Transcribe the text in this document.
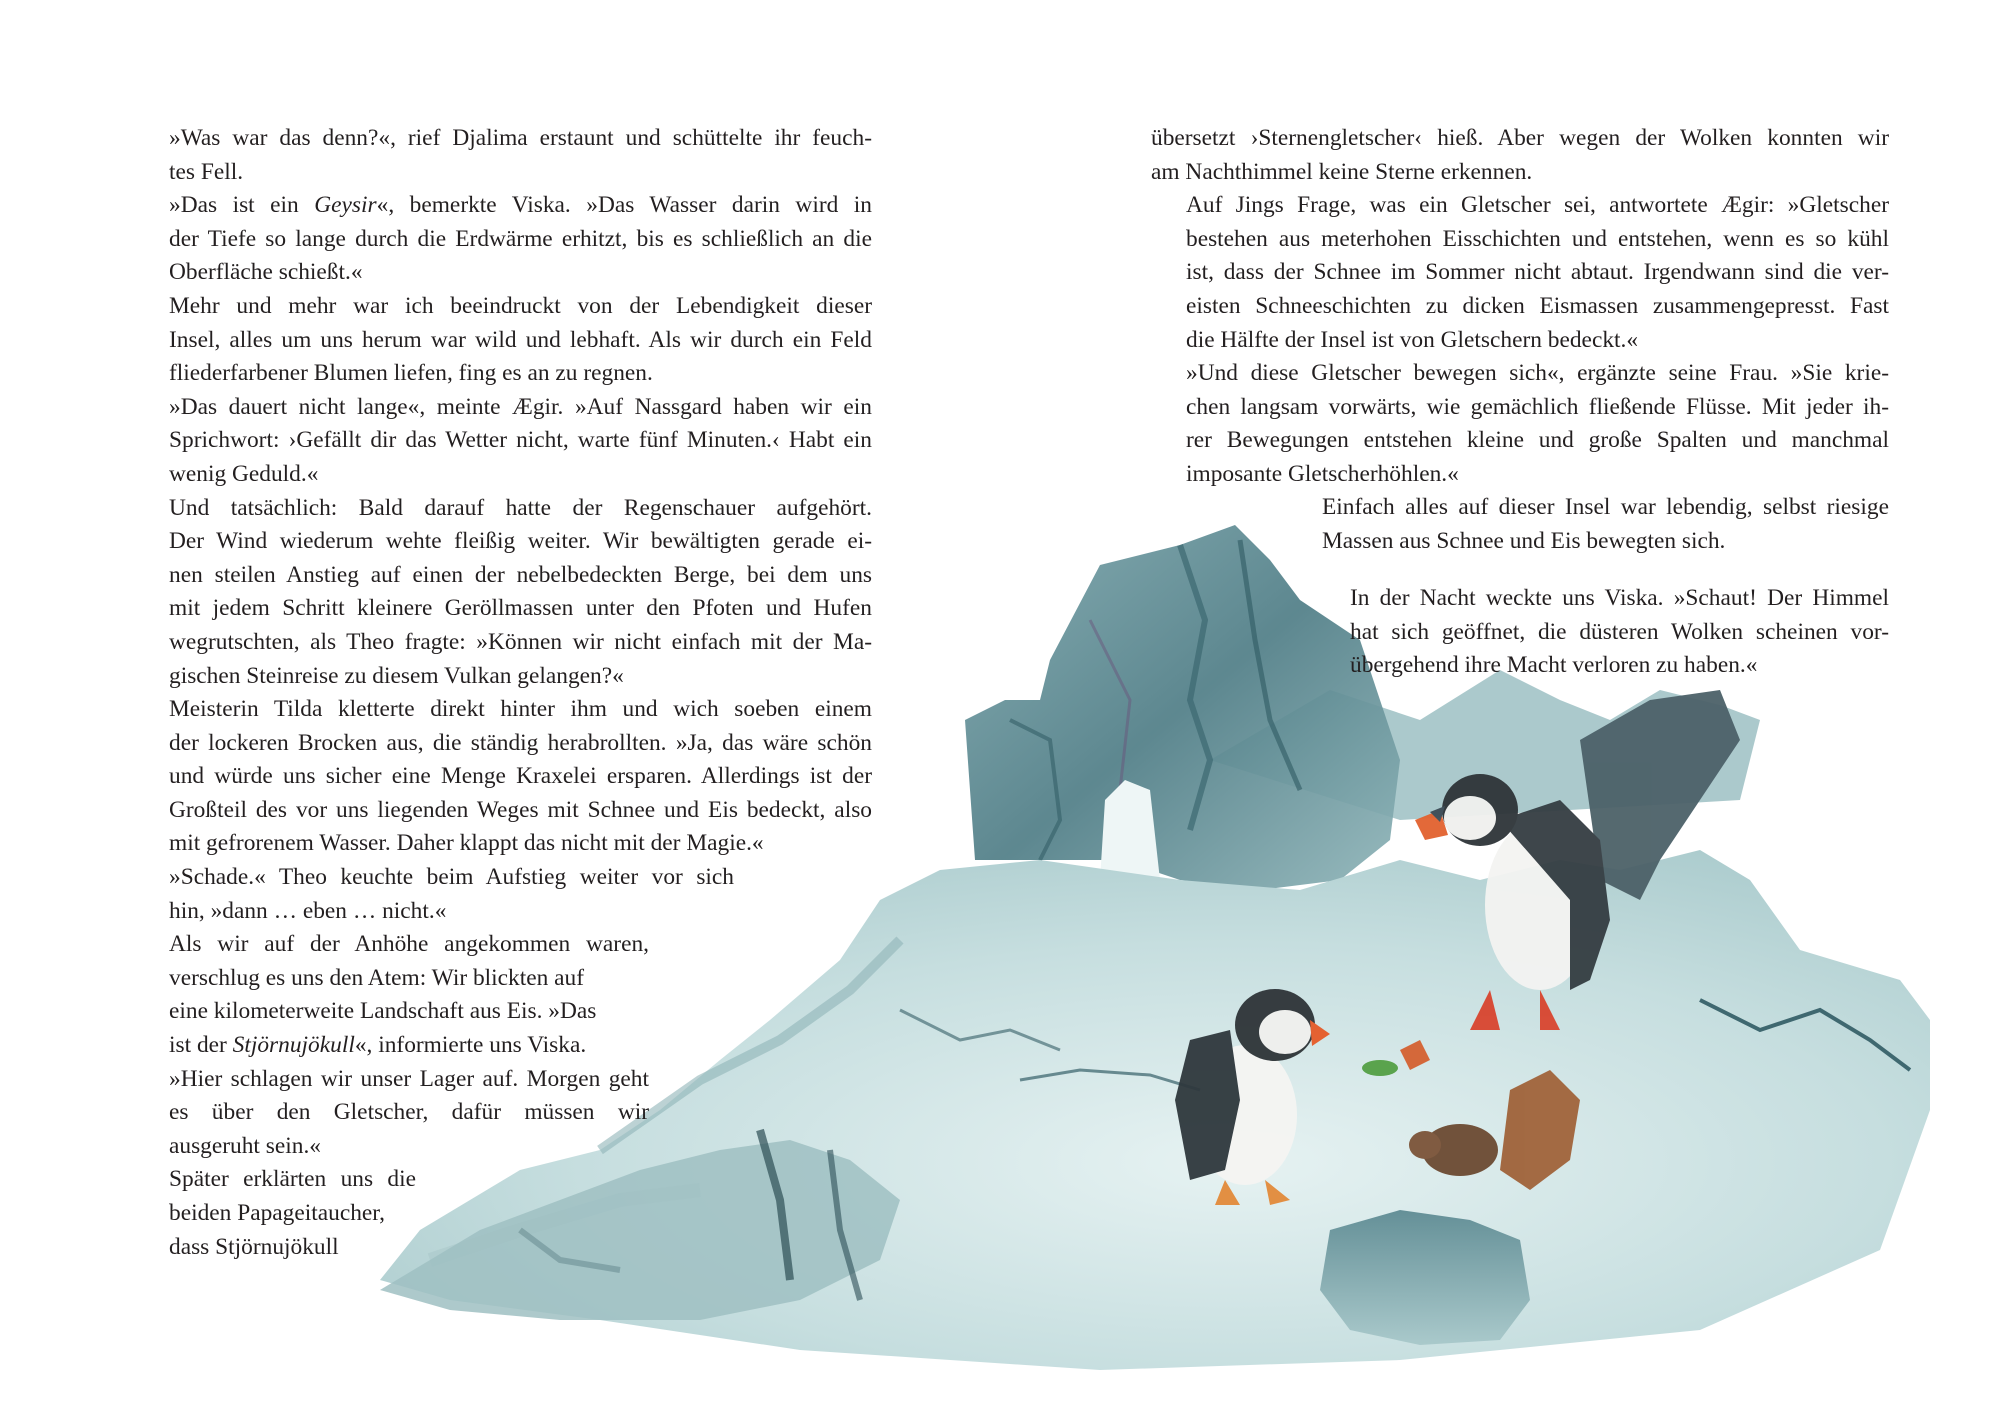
»Was war das denn?«, rief Djalima erstaunt und schüttelte ihr feuch-
tes Fell.

»Das ist ein Geysir«, bemerkte Viska. »Das Wasser darin wird in
der Tiefe so lange durch die Erdwärme erhitzt, bis es schließlich an die
Oberfläche schießt.«

Mehr und mehr war ich beeindruckt von der Lebendigkeit dieser
Insel, alles um uns herum war wild und lebhaft. Als wir durch ein Feld
fliederfarbener Blumen liefen, fing es an zu regnen.

»Das dauert nicht lange«, meinte Ægir. »Auf Nassgard haben wir ein
Sprichwort: ›Gefällt dir das Wetter nicht, warte fünf Minuten.‹ Habt ein
wenig Geduld.«

Und tatsächlich: Bald darauf hatte der Regenschauer aufgehört.
Der Wind wiederum wehte fleißig weiter. Wir bewältigten gerade ei-
nen steilen Anstieg auf einen der nebelbedeckten Berge, bei dem uns
mit jedem Schritt kleinere Geröllmassen unter den Pfoten und Hufen
wegrutschten, als Theo fragte: »Können wir nicht einfach mit der Ma-
gischen Steinreise zu diesem Vulkan gelangen?«

Meisterin Tilda kletterte direkt hinter ihm und wich soeben einem
der lockeren Brocken aus, die ständig herabrollten. »Ja, das wäre schön
und würde uns sicher eine Menge Kraxelei ersparen. Allerdings ist der
Großteil des vor uns liegenden Weges mit Schnee und Eis bedeckt, also
mit gefrorenem Wasser. Daher klappt das nicht mit der Magie.«

»Schade.« Theo keuchte beim Aufstieg weiter vor sich
hin, »dann … eben … nicht.«

Als wir auf der Anhöhe angekommen waren,
verschlug es uns den Atem: Wir blickten auf
eine kilometerweite Landschaft aus Eis. »Das
ist der Stjörnujökull«, informierte uns Viska.
»Hier schlagen wir unser Lager auf. Morgen geht
es über den Gletscher, dafür müssen wir
ausgeruht sein.«

Später erklärten uns die
beiden Papageitaucher,
dass Stjörnujökull

übersetzt ›Sternengletscher‹ hieß. Aber wegen der Wolken konnten wir
am Nachthimmel keine Sterne erkennen.

Auf Jings Frage, was ein Gletscher sei, antwortete Ægir: »Gletscher
bestehen aus meterhohen Eisschichten und entstehen, wenn es so kühl
ist, dass der Schnee im Sommer nicht abtaut. Irgendwann sind die ver-
eisten Schneeschichten zu dicken Eismassen zusammengepresst. Fast
die Hälfte der Insel ist von Gletschern bedeckt.«

»Und diese Gletscher bewegen sich«, ergänzte seine Frau. »Sie krie-
chen langsam vorwärts, wie gemächlich fließende Flüsse. Mit jeder ih-
rer Bewegungen entstehen kleine und große Spalten und manchmal
imposante Gletscherhöhlen.«

Einfach alles auf dieser Insel war lebendig, selbst riesige
Massen aus Schnee und Eis bewegten sich.

In der Nacht weckte uns Viska. »Schaut! Der Himmel
hat sich geöffnet, die düsteren Wolken scheinen vor-
übergehend ihre Macht verloren zu haben.«
